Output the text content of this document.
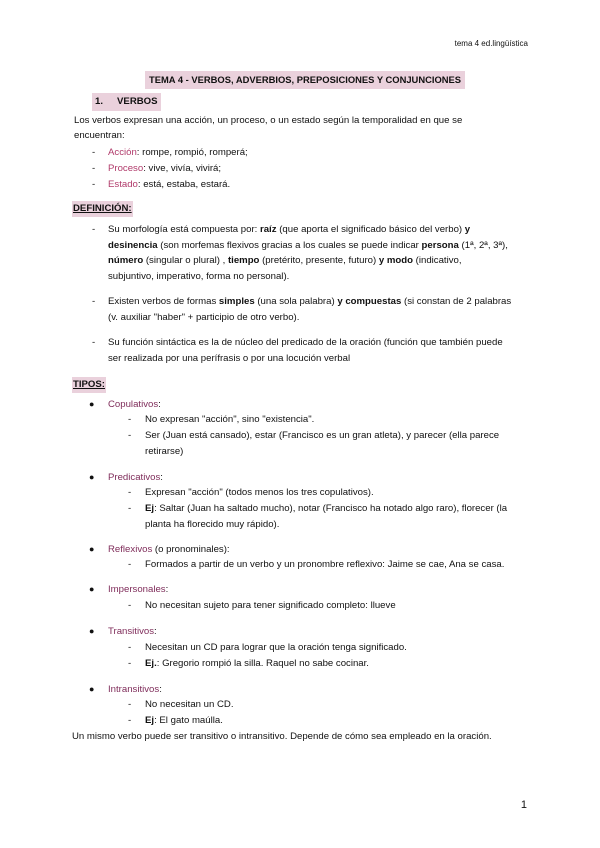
tema 4 ed.lingüística
TEMA 4 - VERBOS, ADVERBIOS, PREPOSICIONES Y CONJUNCIONES
1. VERBOS
Los verbos expresan una acción, un proceso, o un estado según la temporalidad en que se
encuentran:
- Acción: rompe, rompió, romperá;
- Proceso: vive, vivía, vivirá;
- Estado: está, estaba, estará.
DEFINICIÓN:
- Su morfología está compuesta por: raíz (que aporta el significado básico del verbo) y
desinencia (son morfemas flexivos gracias a los cuales se puede indicar persona (1ª, 2ª, 3ª),
número (singular o plural) , tiempo (pretérito, presente, futuro) y modo (indicativo,
subjuntivo, imperativo, forma no personal).
- Existen verbos de formas simples (una sola palabra) y compuestas (si constan de 2 palabras
(v. auxiliar "haber" + participio de otro verbo).
- Su función sintáctica es la de núcleo del predicado de la oración (función que también puede
ser realizada por una perífrasis o por una locución verbal
TIPOS:
● Copulativos:
- No expresan "acción", sino "existencia".
- Ser (Juan está cansado), estar (Francisco es un gran atleta), y parecer (ella parece
retirarse)
● Predicativos:
- Expresan "acción" (todos menos los tres copulativos).
- Ej: Saltar (Juan ha saltado mucho), notar (Francisco ha notado algo raro), florecer (la
planta ha florecido muy rápido).
● Reflexivos (o pronominales):
- Formados a partir de un verbo y un pronombre reflexivo: Jaime se cae, Ana se casa.
● Impersonales:
- No necesitan sujeto para tener significado completo: llueve
● Transitivos:
- Necesitan un CD para lograr que la oración tenga significado.
- Ej.: Gregorio rompió la silla. Raquel no sabe cocinar.
● Intransitivos:
- No necesitan un CD.
- Ej: El gato maúlla.
Un mismo verbo puede ser transitivo o intransitivo. Depende de cómo sea empleado en la oración.
1
